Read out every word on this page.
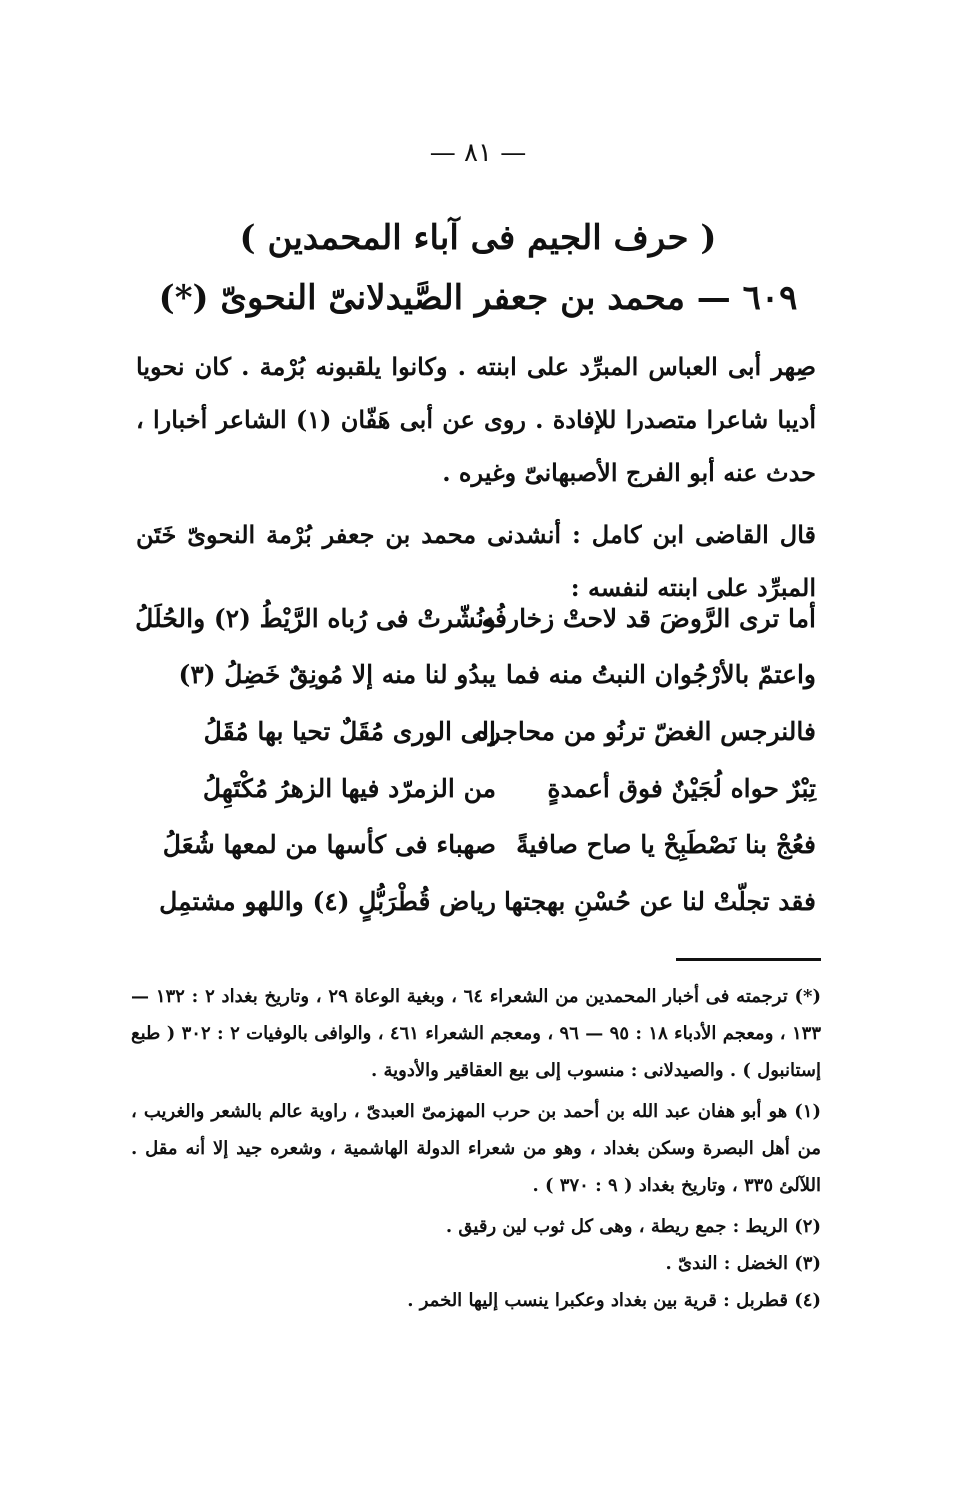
— ٨١ —
( حرف الجيم فى آباء المحمدين )
٦٠٩ — محمد بن جعفر الصَّيدلانىّ النحوىّ (*)
صِهر أبى العباس المبرِّد على ابنته . وكانوا يلقبونه بُرْمة . كان نحويا أديبا شاعرا متصدرا للإفادة . روى عن أبى هَفّان (١) الشاعر أخبارا ، حدث عنه أبو الفرج الأصبهانىّ وغيره .
قال القاضى ابن كامل : أنشدنى محمد بن جعفر بُرْمة النحوىّ خَتَن المبرِّد على ابنته لنفسه :
أما ترى الرَّوضَ قد لاحتْ زخارفُه
ونُشّرتْ فى رُباه الرَّيْطُ (٢) والحُلَلُ
واعتمّ بالأرْجُوان النبتُ منه فما
يبدُو لنا منه إلا مُونِقٌ خَضِلُ (٣)
فالنرجس الغضّ ترنُو من محاجره
إلى الورى مُقَلٌ تحيا بها مُقَلُ
تِبْرٌ حواه لُجَيْنٌ فوق أعمدةٍ
من الزمرّد فيها الزهرُ مُكْتَهِلُ
فعُجْ بنا نَصْطَبِحْ يا صاح صافيةً
صهباء فى كأسها من لمعها شُعَلُ
فقد تجلّتْ لنا عن حُسْنِ بهجتها
رياض قُطْرَبُّلٍ (٤) واللهو مشتمِل

(*) ترجمته فى أخبار المحمدين من الشعراء ٦٤ ، وبغية الوعاة ٢٩ ، وتاريخ بغداد ٢ : ١٣٢ — ١٣٣ ، ومعجم الأدباء ١٨ : ٩٥ — ٩٦ ، ومعجم الشعراء ٤٦١ ، والوافى بالوفيات ٢ : ٣٠٢ ( طبع إستانبول ) . والصيدلانى : منسوب إلى بيع العقاقير والأدوية .

(١) هو أبو هفان عبد الله بن أحمد بن حرب المهزمىّ العبدىّ ، راوية عالم بالشعر والغريب ، من أهل البصرة وسكن بغداد ، وهو من شعراء الدولة الهاشمية ، وشعره جيد إلا أنه مقل . اللآلئ ٣٣٥ ، وتاريخ بغداد ( ٩ : ٣٧٠ ) .

(٢) الريط : جمع ريطة ، وهى كل ثوب لين رقيق .

(٣) الخضل : الندىّ .

(٤) قطربل : قرية بين بغداد وعكبرا ينسب إليها الخمر .
